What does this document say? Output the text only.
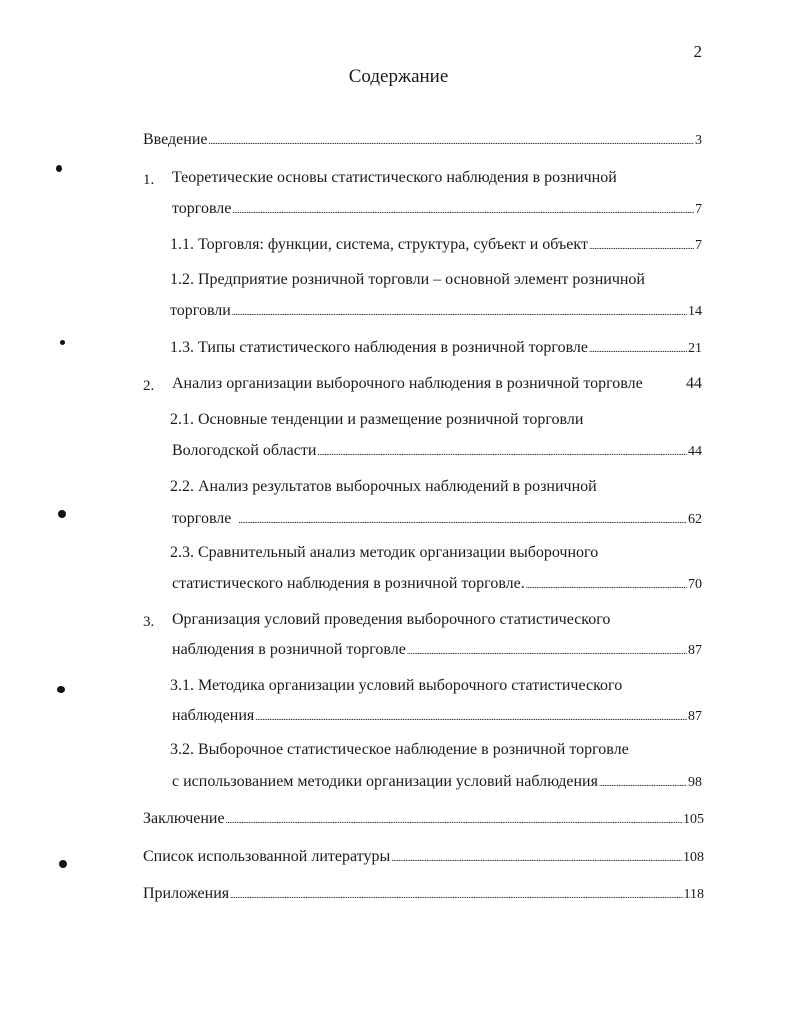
2
Содержание
Введение .....	3
1. Теоретические основы статистического наблюдения в розничной
торговле .....	7
1.1. Торговля: функции, система, структура, субъект и объект .....	7
1.2. Предприятие розничной торговли – основной элемент розничной
торговли .....	14
1.3. Типы статистического наблюдения в розничной торговле .....	21
2. Анализ организации выборочного наблюдения в розничной торговле	44
2.1. Основные тенденции и размещение розничной торговли
Вологодской области .....	44
2.2. Анализ результатов выборочных наблюдений в розничной
торговле .....	62
2.3. Сравнительный анализ методик организации выборочного
статистического наблюдения в розничной торговле. .....	70
3. Организация условий проведения выборочного статистического
наблюдения в розничной торговле .....	87
3.1. Методика организации условий выборочного статистического
наблюдения .....	87
3.2. Выборочное статистическое наблюдение в розничной торговле
с использованием методики организации условий наблюдения .....	98
Заключение .....	105
Список использованной литературы .....	108
Приложения .....	118
